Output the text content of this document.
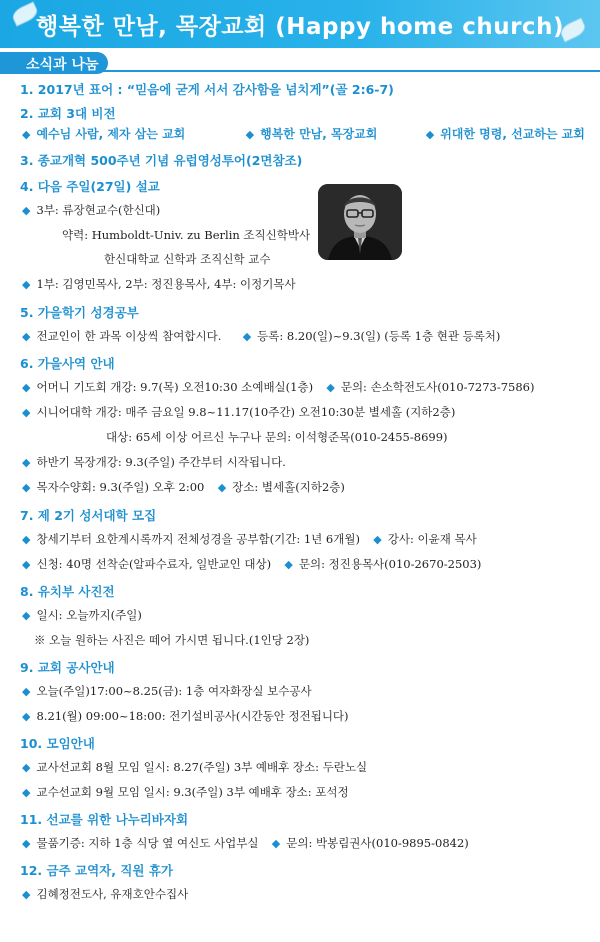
행복한 만남, 목장교회 (Happy home church)
소식과 나눔
1. 2017년 표어 : “믿음에 굳게 서서 감사함을 넘치게”(골 2:6-7)
2. 교회 3대 비전
◆ 예수님 사람, 제자 삼는 교회	◆ 행복한 만남, 목장교회	◆ 위대한 명령, 선교하는 교회
3. 종교개혁 500주년 기념 유럽영성투어(2면참조)
4. 다음 주일(27일) 설교
◆ 3부: 류장현교수(한신대)
약력: Humboldt-Univ. zu Berlin 조직신학박사
한신대학교 신학과 조직신학 교수
◆ 1부: 김영민목사, 2부: 정진용목사, 4부: 이정기목사
5. 가을학기 성경공부
◆ 전교인이 한 과목 이상씩 참여합시다. ◆ 등록: 8.20(일)~9.3(일) (등록 1층 현관 등록처)
6. 가을사역 안내
◆ 어머니 기도회 개강: 9.7(목) 오전10:30 소예배실(1층) ◆ 문의: 손소학전도사(010-7273-7586)
◆ 시니어대학 개강: 매주 금요일 9.8~11.17(10주간) 오전10:30분 별세홀 (지하2층)
대상: 65세 이상 어르신 누구나 문의: 이석형준목(010-2455-8699)
◆ 하반기 목장개강: 9.3(주일) 주간부터 시작됩니다.
◆ 목자수양회: 9.3(주일) 오후 2:00 ◆ 장소: 별세홀(지하2층)
7. 제 2기 성서대학 모집
◆ 창세기부터 요한계시록까지 전체성경을 공부함(기간: 1년 6개월) ◆ 강사: 이윤재 목사
◆ 신청: 40명 선착순(알파수료자, 일반교인 대상) ◆ 문의: 정진용목사(010-2670-2503)
8. 유치부 사진전
◆ 일시: 오늘까지(주일)
※ 오늘 원하는 사진은 떼어 가시면 됩니다.(1인당 2장)
9. 교회 공사안내
◆ 오늘(주일)17:00~8.25(금): 1층 여자화장실 보수공사
◆ 8.21(월) 09:00~18:00: 전기설비공사(시간동안 정전됩니다)
10. 모임안내
◆ 교사선교회 8월 모임 일시: 8.27(주일) 3부 예배후 장소: 두란노실
◆ 교수선교회 9월 모임 일시: 9.3(주일) 3부 예배후 장소: 포석정
11. 선교를 위한 나누리바자회
◆ 물품기증: 지하 1층 식당 옆 여신도 사업부실 ◆ 문의: 박봉림권사(010-9895-0842)
12. 금주 교역자, 직원 휴가
◆ 김혜정전도사, 유재호안수집사
